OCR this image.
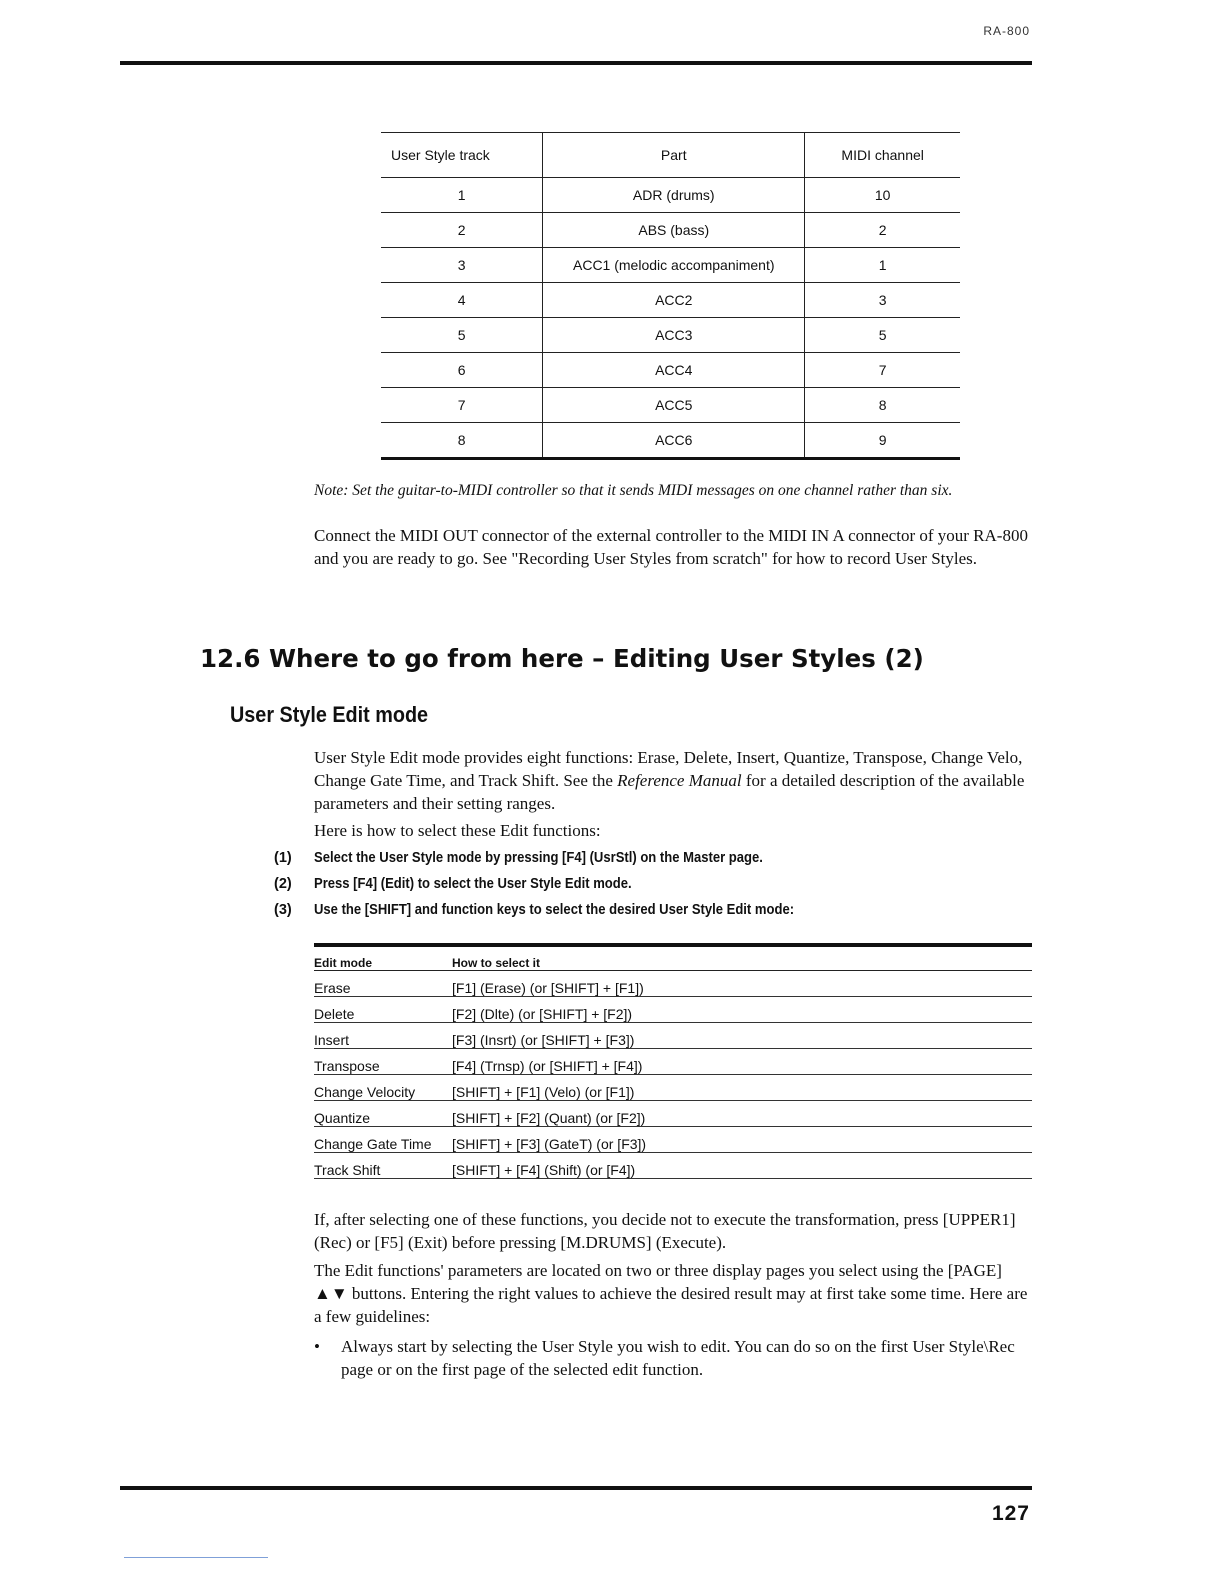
RA-800
User Style track	Part	MIDI channel
1	ADR (drums)	10
2	ABS (bass)	2
3	ACC1 (melodic accompaniment)	1
4	ACC2	3
5	ACC3	5
6	ACC4	7
7	ACC5	8
8	ACC6	9
Note: Set the guitar-to-MIDI controller so that it sends MIDI messages on one channel rather than six.
Connect the MIDI OUT connector of the external controller to the MIDI IN A connector of your RA-800 and you are ready to go. See "Recording User Styles from scratch" for how to record User Styles.
12.6 Where to go from here – Editing User Styles (2)
User Style Edit mode
User Style Edit mode provides eight functions: Erase, Delete, Insert, Quantize, Transpose, Change Velo, Change Gate Time, and Track Shift. See the Reference Manual for a detailed description of the available parameters and their setting ranges.
Here is how to select these Edit functions:
(1) Select the User Style mode by pressing [F4] (UsrStl) on the Master page.
(2) Press [F4] (Edit) to select the User Style Edit mode.
(3) Use the [SHIFT] and function keys to select the desired User Style Edit mode:
Edit mode	How to select it
Erase	[F1] (Erase) (or [SHIFT] + [F1])
Delete	[F2] (Dlte) (or [SHIFT] + [F2])
Insert	[F3] (Insrt) (or [SHIFT] + [F3])
Transpose	[F4] (Trnsp) (or [SHIFT] + [F4])
Change Velocity	[SHIFT] + [F1] (Velo) (or [F1])
Quantize	[SHIFT] + [F2] (Quant) (or [F2])
Change Gate Time	[SHIFT] + [F3] (GateT) (or [F3])
Track Shift	[SHIFT] + [F4] (Shift) (or [F4])
If, after selecting one of these functions, you decide not to execute the transformation, press [UPPER1] (Rec) or [F5] (Exit) before pressing [M.DRUMS] (Execute).
The Edit functions' parameters are located on two or three display pages you select using the [PAGE] ▲▼ buttons. Entering the right values to achieve the desired result may at first take some time. Here are a few guidelines:
• Always start by selecting the User Style you wish to edit. You can do so on the first User Style\Rec page or on the first page of the selected edit function.
127
